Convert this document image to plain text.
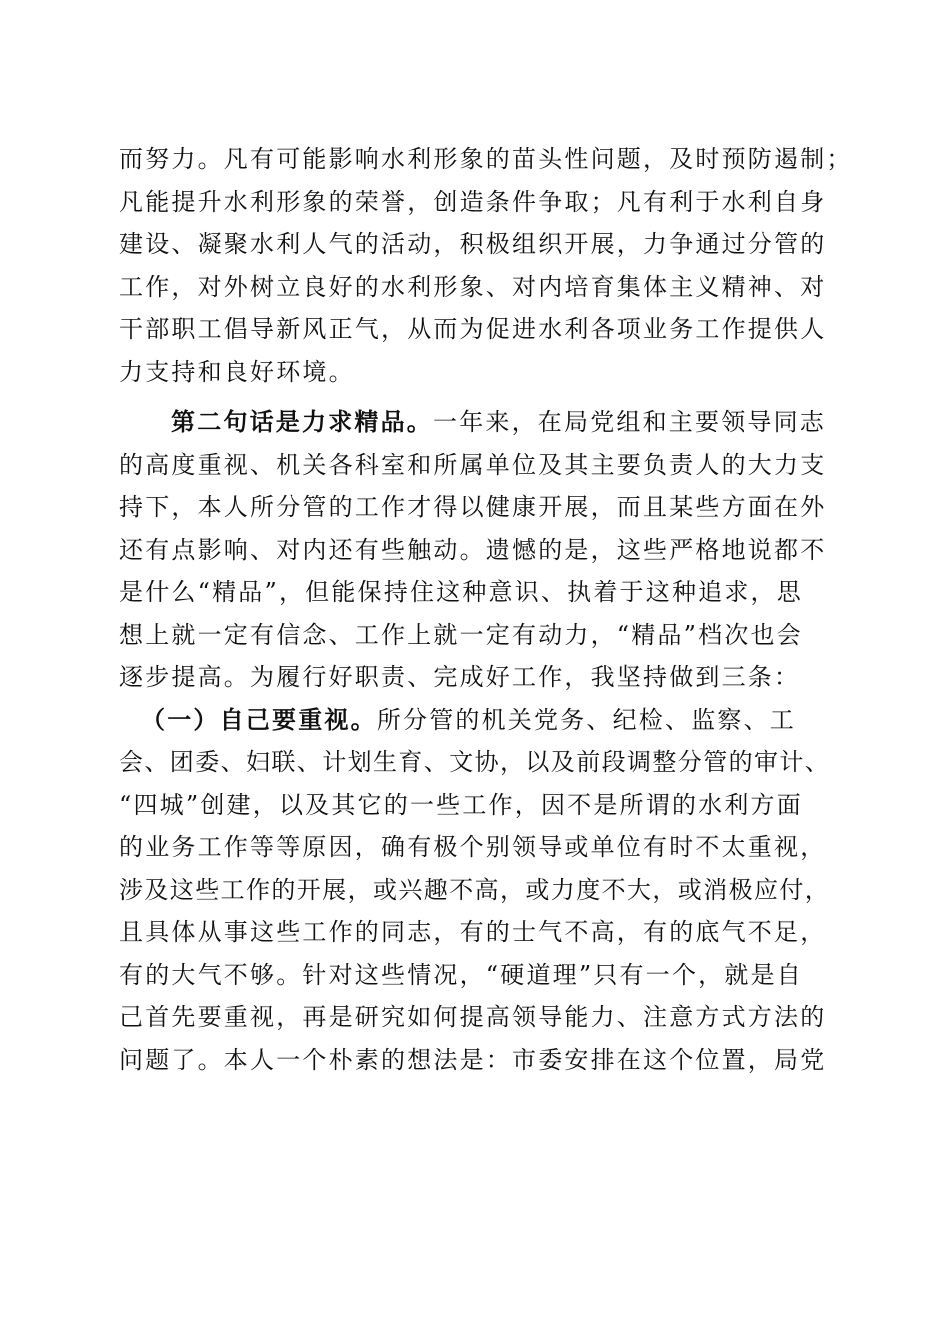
而努力。凡有可能影响水利形象的苗头性问题，及时预防遏制；
凡能提升水利形象的荣誉，创造条件争取；凡有利于水利自身
建设、凝聚水利人气的活动，积极组织开展，力争通过分管的
工作，对外树立良好的水利形象、对内培育集体主义精神、对
干部职工倡导新风正气，从而为促进水利各项业务工作提供人
力支持和良好环境。
第二句话是力求精品。一年来，在局党组和主要领导同志
的高度重视、机关各科室和所属单位及其主要负责人的大力支
持下，本人所分管的工作才得以健康开展，而且某些方面在外
还有点影响、对内还有些触动。遗憾的是，这些严格地说都不
是什么“精品”，但能保持住这种意识、执着于这种追求，思
想上就一定有信念、工作上就一定有动力，“精品”档次也会
逐步提高。为履行好职责、完成好工作，我坚持做到三条：
（一）自己要重视。所分管的机关党务、纪检、监察、工
会、团委、妇联、计划生育、文协，以及前段调整分管的审计、
“四城”创建，以及其它的一些工作，因不是所谓的水利方面
的业务工作等等原因，确有极个别领导或单位有时不太重视，
涉及这些工作的开展，或兴趣不高，或力度不大，或消极应付，
且具体从事这些工作的同志，有的士气不高，有的底气不足，
有的大气不够。针对这些情况，“硬道理”只有一个，就是自
己首先要重视，再是研究如何提高领导能力、注意方式方法的
问题了。本人一个朴素的想法是：市委安排在这个位置，局党
